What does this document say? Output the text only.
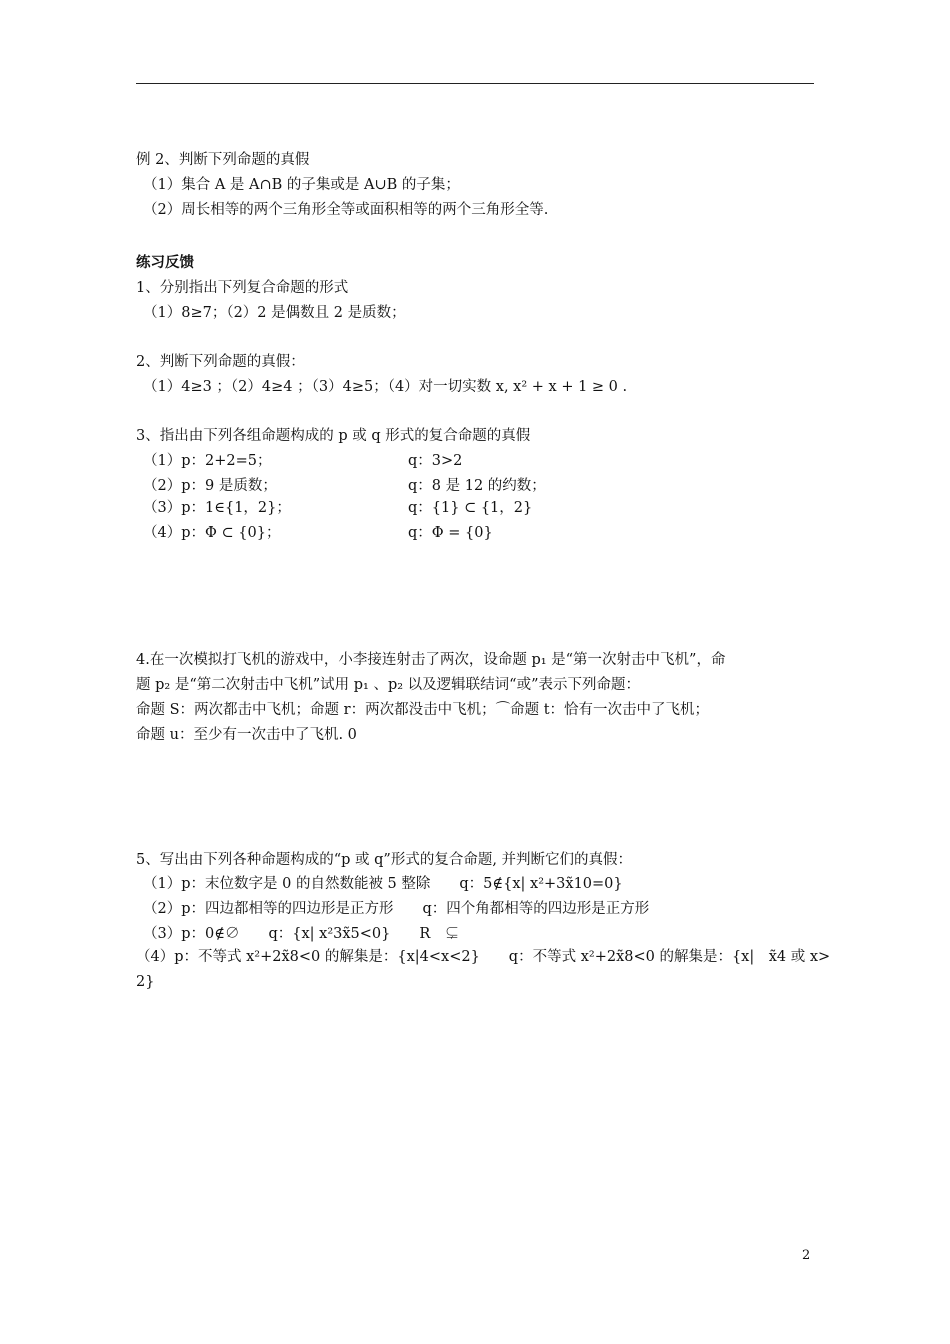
例 2、判断下列命题的真假
（1）集合 A 是 A∩B 的子集或是 A∪B 的子集；
（2）周长相等的两个三角形全等或面积相等的两个三角形全等.
练习反馈
1、分别指出下列复合命题的形式
（1）8≥7；（2）2 是偶数且 2 是质数；
2、判断下列命题的真假：
（1）4≥3 ；（2）4≥4 ；（3）4≥5；（4）对一切实数 x, x² + x + 1 ≥ 0 .
3、指出由下列各组命题构成的 p 或 q 形式的复合命题的真假
（1）p：2+2=5；	q：3>2
（2）p：9 是质数；	q：8 是 12 的约数；
（3）p：1∈{1，2}；	q：{1} ⊂ {1，2}
（4）p：Φ ⊂ {0}；	q：Φ = {0}
4.在一次模拟打飞机的游戏中，小李接连射击了两次，设命题 p₁ 是“第一次射击中飞机”，命
题 p₂ 是“第二次射击中飞机”试用 p₁ 、p₂ 以及逻辑联结词“或”表示下列命题：
命题 S：两次都击中飞机；命题 r：两次都没击中飞机；⌒命题 t：恰有一次击中了飞机；
命题 u：至少有一次击中了飞机. 0
5、写出由下列各种命题构成的“p 或 q”形式的复合命题, 并判断它们的真假：
（1）p：末位数字是 0 的自然数能被 5 整除　　q：5∉{x| x²+3x̃10=0}
（2）p：四边都相等的四边形是正方形　　q：四个角都相等的四边形是正方形
（3）p：0∉∅　　q：{x| x²3x̃5<0}　　R　⊊
（4）p：不等式 x²+2x̃8<0 的解集是：{x|4<x<2}　　q：不等式 x²+2x̃8<0 的解集是：{x|　x̃4 或 x>
2}
2
